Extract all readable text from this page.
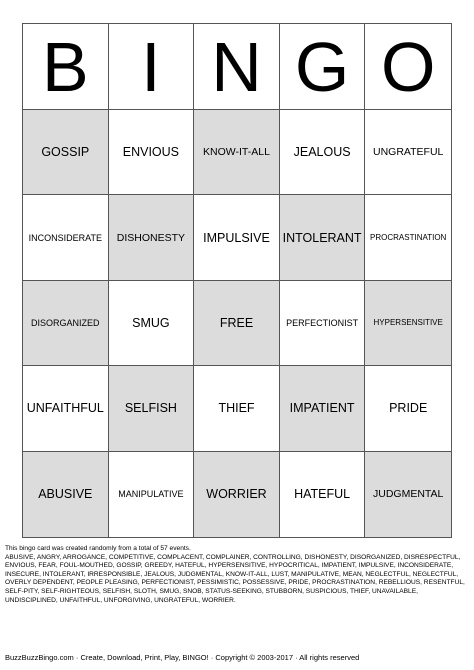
B I N G O
GOSSIP	ENVIOUS	KNOW-IT-ALL	JEALOUS	UNGRATEFUL
INCONSIDERATE	DISHONESTY	IMPULSIVE	INTOLERANT	PROCRASTINATION
DISORGANIZED	SMUG	FREE	PERFECTIONIST	HYPERSENSITIVE
UNFAITHFUL	SELFISH	THIEF	IMPATIENT	PRIDE
ABUSIVE	MANIPULATIVE	WORRIER	HATEFUL	JUDGMENTAL

This bingo card was created randomly from a total of 57 events.

ABUSIVE, ANGRY, ARROGANCE, COMPETITIVE, COMPLACENT, COMPLAINER, CONTROLLING, DISHONESTY, DISORGANIZED, DISRESPECTFUL, ENVIOUS, FEAR, FOUL-MOUTHED, GOSSIP, GREEDY, HATEFUL, HYPERSENSITIVE, HYPOCRITICAL, IMPATIENT, IMPULSIVE, INCONSIDERATE, INSECURE, INTOLERANT, IRRESPONSIBLE, JEALOUS, JUDGMENTAL, KNOW-IT-ALL, LUST, MANIPULATIVE, MEAN, NEGLECTFUL, NEGLECTFUL, OVERLY DEPENDENT, PEOPLE PLEASING, PERFECTIONIST, PESSIMISTIC, POSSESSIVE, PRIDE, PROCRASTINATION, REBELLIOUS, RESENTFUL, SELF-PITY, SELF-RIGHTEOUS, SELFISH, SLOTH, SMUG, SNOB, STATUS-SEEKING, STUBBORN, SUSPICIOUS, THIEF, UNAVAILABLE, UNDISCIPLINED, UNFAITHFUL, UNFORGIVING, UNGRATEFUL, WORRIER.

BuzzBuzzBingo.com · Create, Download, Print, Play, BINGO! · Copyright © 2003-2017 · All rights reserved
